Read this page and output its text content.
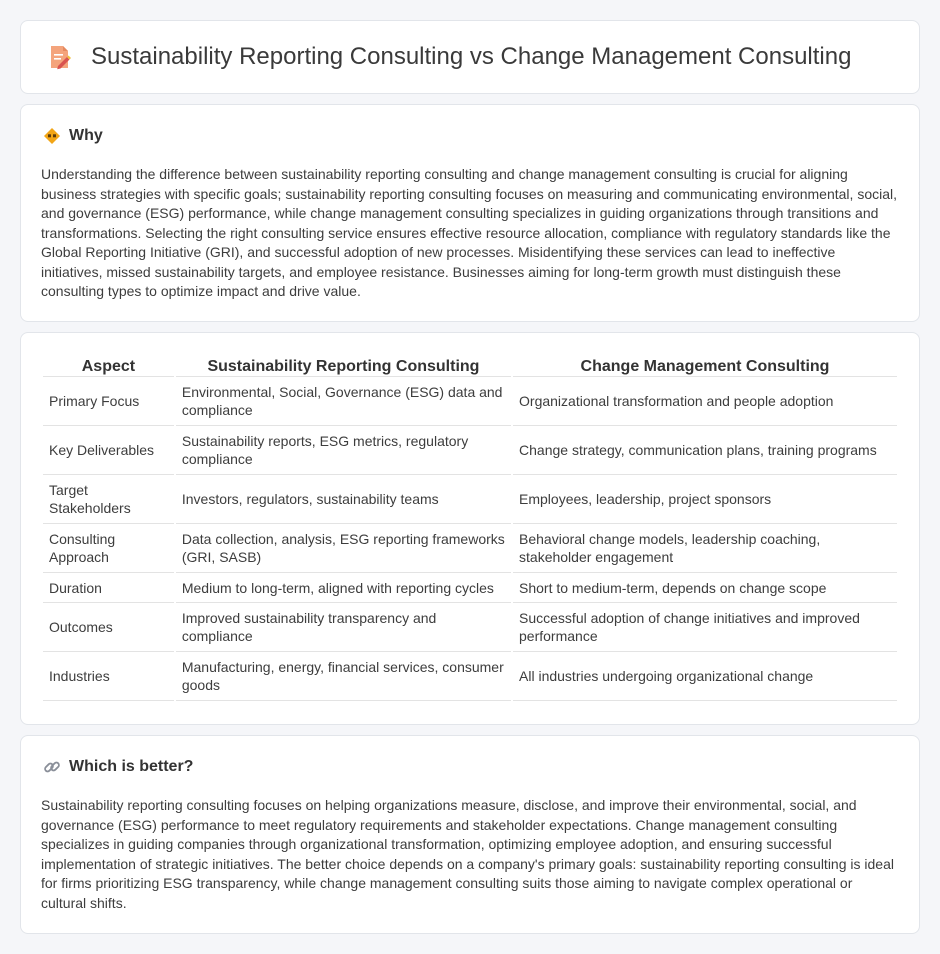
Sustainability Reporting Consulting vs Change Management Consulting
Why

Understanding the difference between sustainability reporting consulting and change management consulting is crucial for aligning business strategies with specific goals; sustainability reporting consulting focuses on measuring and communicating environmental, social, and governance (ESG) performance, while change management consulting specializes in guiding organizations through transitions and transformations. Selecting the right consulting service ensures effective resource allocation, compliance with regulatory standards like the Global Reporting Initiative (GRI), and successful adoption of new processes. Misidentifying these services can lead to ineffective initiatives, missed sustainability targets, and employee resistance. Businesses aiming for long-term growth must distinguish these consulting types to optimize impact and drive value.

Aspect	Sustainability Reporting Consulting	Change Management Consulting
Primary Focus	Environmental, Social, Governance (ESG) data and compliance	Organizational transformation and people adoption
Key Deliverables	Sustainability reports, ESG metrics, regulatory compliance	Change strategy, communication plans, training programs
Target Stakeholders	Investors, regulators, sustainability teams	Employees, leadership, project sponsors
Consulting Approach	Data collection, analysis, ESG reporting frameworks (GRI, SASB)	Behavioral change models, leadership coaching, stakeholder engagement
Duration	Medium to long-term, aligned with reporting cycles	Short to medium-term, depends on change scope
Outcomes	Improved sustainability transparency and compliance	Successful adoption of change initiatives and improved performance
Industries	Manufacturing, energy, financial services, consumer goods	All industries undergoing organizational change
Which is better?

Sustainability reporting consulting focuses on helping organizations measure, disclose, and improve their environmental, social, and governance (ESG) performance to meet regulatory requirements and stakeholder expectations. Change management consulting specializes in guiding companies through organizational transformation, optimizing employee adoption, and ensuring successful implementation of strategic initiatives. The better choice depends on a company's primary goals: sustainability reporting consulting is ideal for firms prioritizing ESG transparency, while change management consulting suits those aiming to navigate complex operational or cultural shifts.
